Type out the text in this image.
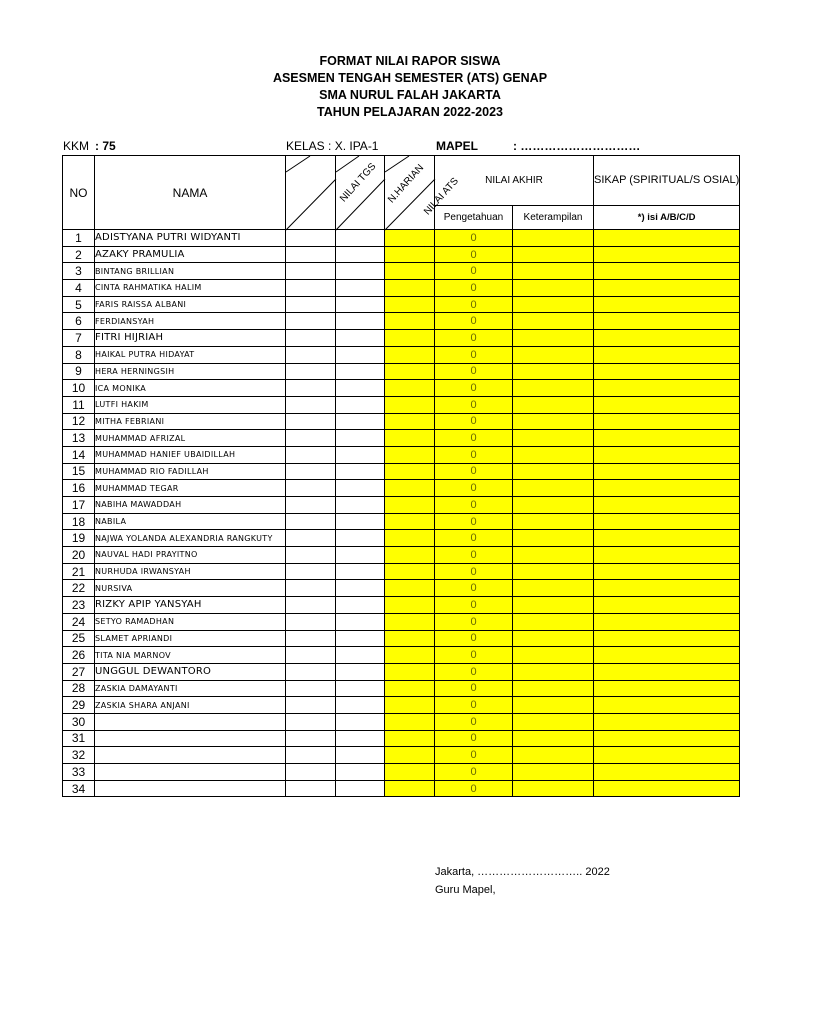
FORMAT NILAI RAPOR SISWA
ASESMEN TENGAH SEMESTER (ATS) GENAP
SMA NURUL FALAH JAKARTA
TAHUN PELAJARAN 2022-2023
KKM : 75	KELAS : X. IPA-1	MAPEL	: …………………………
NO	NAMA	NILAI TGS	N.HARIAN	NILAI ATS	NILAI AKHIR		SIKAP (SPIRITUAL/S OSIAL)
					Pengetahuan	Keterampilan	*) isi A/B/C/D
1	ADISTYANA PUTRI WIDYANTI				0		
2	AZAKY PRAMULIA				0		
3	BINTANG BRILLIAN				0		
4	CINTA RAHMATIKA HALIM				0		
5	FARIS RAISSA ALBANI				0		
6	FERDIANSYAH				0		
7	FITRI HIJRIAH				0		
8	HAIKAL PUTRA HIDAYAT				0		
9	HERA HERNINGSIH				0		
10	ICA MONIKA				0		
11	LUTFI HAKIM				0		
12	MITHA FEBRIANI				0		
13	MUHAMMAD AFRIZAL				0		
14	MUHAMMAD HANIEF UBAIDILLAH				0		
15	MUHAMMAD RIO FADILLAH				0		
16	MUHAMMAD TEGAR				0		
17	NABIHA MAWADDAH				0		
18	NABILA				0		
19	NAJWA YOLANDA ALEXANDRIA RANGKUTY				0		
20	NAUVAL HADI PRAYITNO				0		
21	NURHUDA IRWANSYAH				0		
22	NURSIVA				0		
23	RIZKY APIP YANSYAH				0		
24	SETYO RAMADHAN				0		
25	SLAMET APRIANDI				0		
26	TITA NIA MARNOV				0		
27	UNGGUL DEWANTORO				0		
28	ZASKIA DAMAYANTI				0		
29	ZASKIA SHARA ANJANI				0		
30					0		
31					0		
32					0		
33					0		
34					0		
Jakarta, ……………………….. 2022
Guru Mapel,
